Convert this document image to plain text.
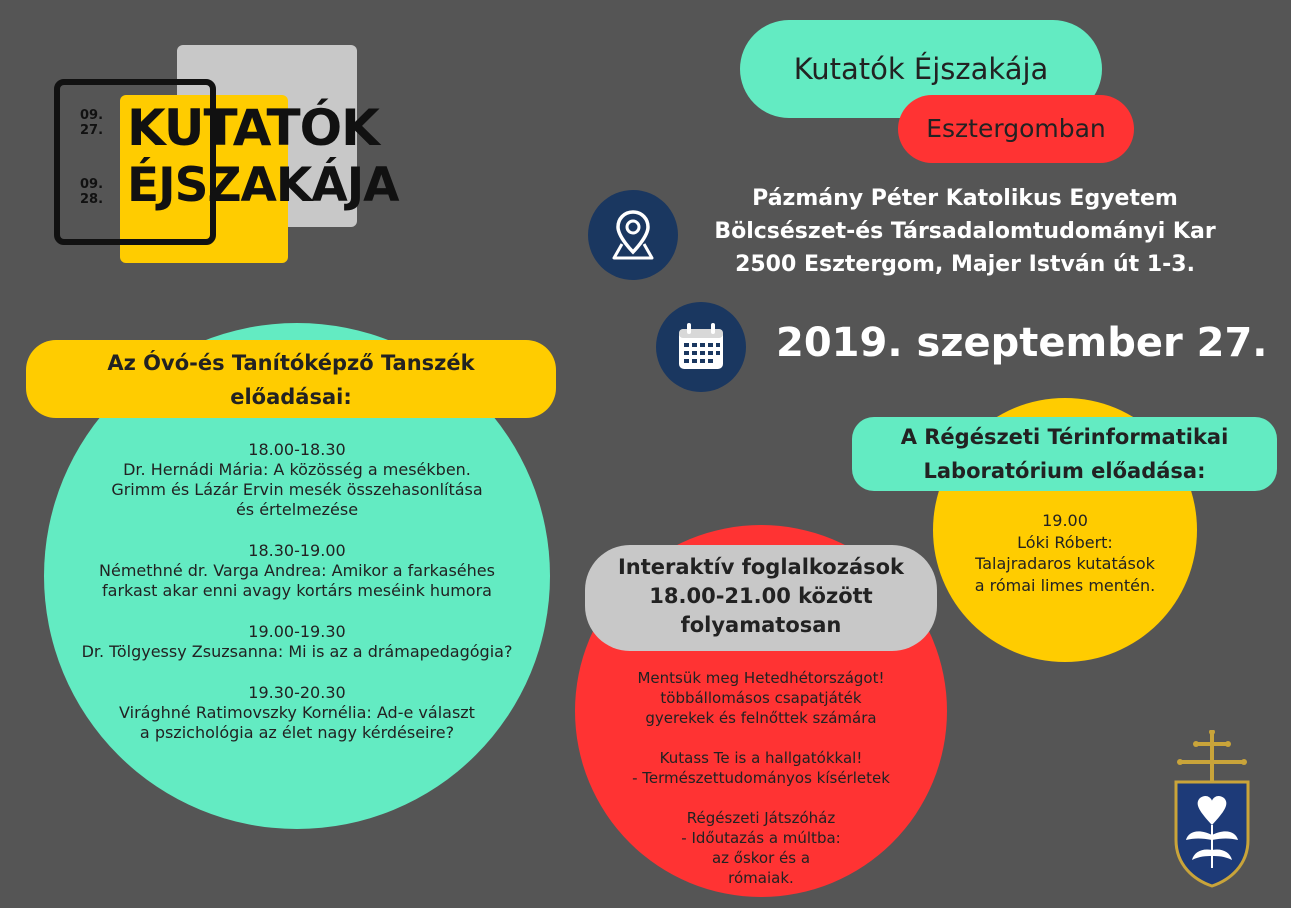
09.
27.
09.
28.
KUTATÓK
ÉJSZAKÁJA
Kutatók Éjszakája
Esztergomban
Pázmány Péter Katolikus Egyetem
Bölcsészet-és Társadalomtudományi Kar
2500 Esztergom, Majer István út 1-3.
2019. szeptember 27.
Az Óvó-és Tanítóképző Tanszék
előadásai:
18.00-18.30
Dr. Hernádi Mária: A közösség a mesékben.
Grimm és Lázár Ervin mesék összehasonlítása
és értelmezése
18.30-19.00
Némethné dr. Varga Andrea: Amikor a farkaséhes
farkast akar enni avagy kortárs meséink humora
19.00-19.30
Dr. Tölgyessy Zsuzsanna: Mi is az a drámapedagógia?
19.30-20.30
Virághné Ratimovszky Kornélia: Ad-e választ
a pszichológia az élet nagy kérdéseire?
A Régészeti Térinformatikai
Laboratórium előadása:
19.00
Lóki Róbert:
Talajradaros kutatások
a római limes mentén.
Interaktív foglalkozások
18.00-21.00 között
folyamatosan
Mentsük meg Hetedhétországot!
többállomásos csapatjáték
gyerekek és felnőttek számára
Kutass Te is a hallgatókkal!
- Természettudományos kísérletek
Régészeti Játszóház
- Időutazás a múltba:
az őskor és a
rómaiak.
